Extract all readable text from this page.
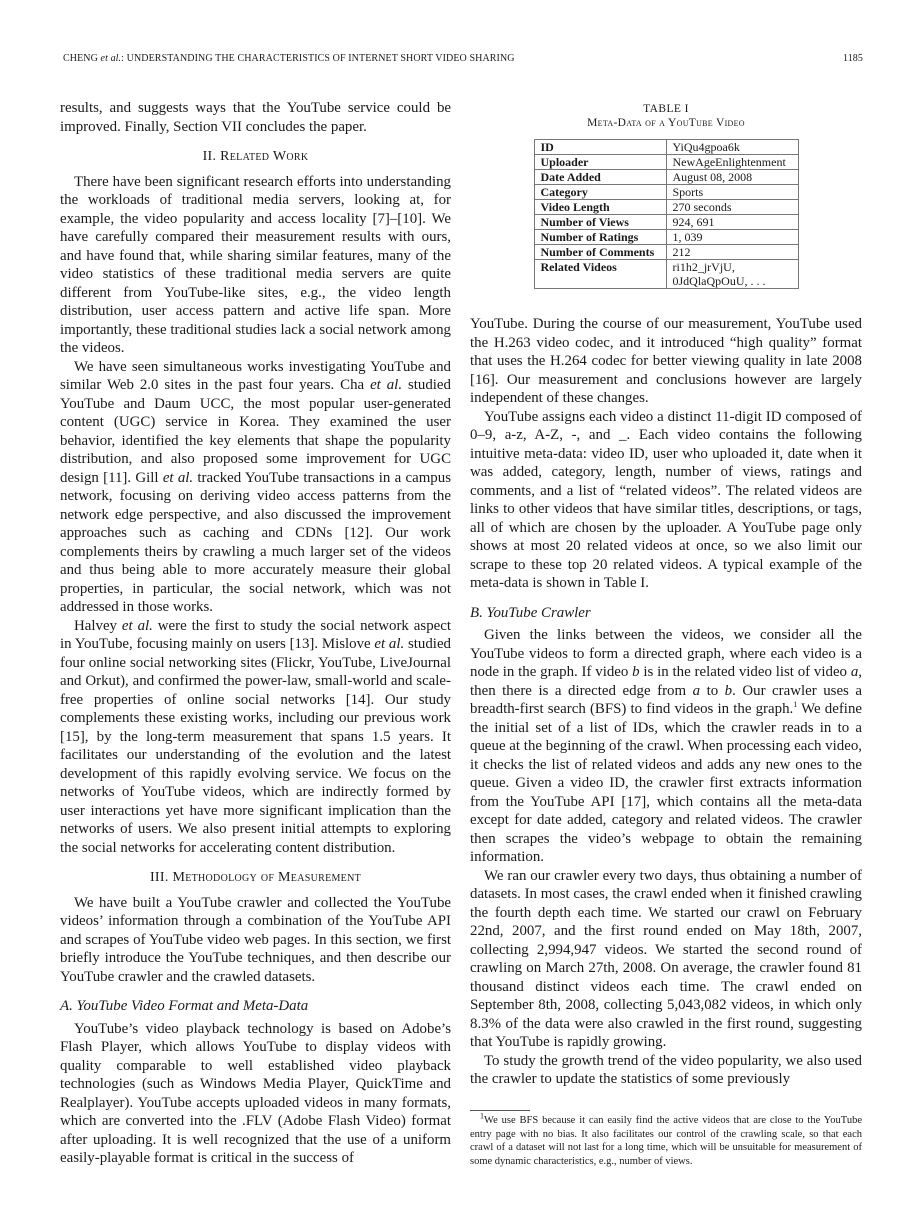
CHENG et al.: UNDERSTANDING THE CHARACTERISTICS OF INTERNET SHORT VIDEO SHARING	1185

results, and suggests ways that the YouTube service could be improved. Finally, Section VII concludes the paper.

II. Related Work

There have been significant research efforts into understanding the workloads of traditional media servers, looking at, for example, the video popularity and access locality [7]–[10]. We have carefully compared their measurement results with ours, and have found that, while sharing similar features, many of the video statistics of these traditional media servers are quite different from YouTube-like sites, e.g., the video length distribution, user access pattern and active life span. More importantly, these traditional studies lack a social network among the videos.

We have seen simultaneous works investigating YouTube and similar Web 2.0 sites in the past four years. Cha et al. studied YouTube and Daum UCC, the most popular user-generated content (UGC) service in Korea. They examined the user behavior, identified the key elements that shape the popularity distribution, and also proposed some improvement for UGC design [11]. Gill et al. tracked YouTube transactions in a campus network, focusing on deriving video access patterns from the network edge perspective, and also discussed the improvement approaches such as caching and CDNs [12]. Our work complements theirs by crawling a much larger set of the videos and thus being able to more accurately measure their global properties, in particular, the social network, which was not addressed in those works.

Halvey et al. were the first to study the social network aspect in YouTube, focusing mainly on users [13]. Mislove et al. studied four online social networking sites (Flickr, YouTube, LiveJournal and Orkut), and confirmed the power-law, small-world and scale-free properties of online social networks [14]. Our study complements these existing works, including our previous work [15], by the long-term measurement that spans 1.5 years. It facilitates our understanding of the evolution and the latest development of this rapidly evolving service. We focus on the networks of YouTube videos, which are indirectly formed by user interactions yet have more significant implication than the networks of users. We also present initial attempts to exploring the social networks for accelerating content distribution.

III. Methodology of Measurement

We have built a YouTube crawler and collected the YouTube videos’ information through a combination of the YouTube API and scrapes of YouTube video web pages. In this section, we first briefly introduce the YouTube techniques, and then describe our YouTube crawler and the crawled datasets.

A. YouTube Video Format and Meta-Data

YouTube’s video playback technology is based on Adobe’s Flash Player, which allows YouTube to display videos with quality comparable to well established video playback technologies (such as Windows Media Player, QuickTime and Realplayer). YouTube accepts uploaded videos in many formats, which are converted into the .FLV (Adobe Flash Video) format after uploading. It is well recognized that the use of a uniform easily-playable format is critical in the success of

TABLE I
Meta-Data of a YouTube Video
ID	YiQu4gpoa6k
Uploader	NewAgeEnlightenment
Date Added	August 08, 2008
Category	Sports
Video Length	270 seconds
Number of Views	924, 691
Number of Ratings	1, 039
Number of Comments	212
Related Videos	ri1h2_jrVjU,
0JdQlaQpOuU, . . .

YouTube. During the course of our measurement, YouTube used the H.263 video codec, and it introduced “high quality” format that uses the H.264 codec for better viewing quality in late 2008 [16]. Our measurement and conclusions however are largely independent of these changes.

YouTube assigns each video a distinct 11-digit ID composed of 0–9, a-z, A-Z, -, and _. Each video contains the following intuitive meta-data: video ID, user who uploaded it, date when it was added, category, length, number of views, ratings and comments, and a list of “related videos”. The related videos are links to other videos that have similar titles, descriptions, or tags, all of which are chosen by the uploader. A YouTube page only shows at most 20 related videos at once, so we also limit our scrape to these top 20 related videos. A typical example of the meta-data is shown in Table I.

B. YouTube Crawler

Given the links between the videos, we consider all the YouTube videos to form a directed graph, where each video is a node in the graph. If video b is in the related video list of video a, then there is a directed edge from a to b. Our crawler uses a breadth-first search (BFS) to find videos in the graph.$^1$ We define the initial set of a list of IDs, which the crawler reads in to a queue at the beginning of the crawl. When processing each video, it checks the list of related videos and adds any new ones to the queue. Given a video ID, the crawler first extracts information from the YouTube API [17], which contains all the meta-data except for date added, category and related videos. The crawler then scrapes the video’s webpage to obtain the remaining information.

We ran our crawler every two days, thus obtaining a number of datasets. In most cases, the crawl ended when it finished crawling the fourth depth each time. We started our crawl on February 22nd, 2007, and the first round ended on May 18th, 2007, collecting 2,994,947 videos. We started the second round of crawling on March 27th, 2008. On average, the crawler found 81 thousand distinct videos each time. The crawl ended on September 8th, 2008, collecting 5,043,082 videos, in which only 8.3% of the data were also crawled in the first round, suggesting that YouTube is rapidly growing.

To study the growth trend of the video popularity, we also used the crawler to update the statistics of some previously

$^1$We use BFS because it can easily find the active videos that are close to the YouTube entry page with no bias. It also facilitates our control of the crawling scale, so that each crawl of a dataset will not last for a long time, which will be unsuitable for measurement of some dynamic characteristics, e.g., number of views.
